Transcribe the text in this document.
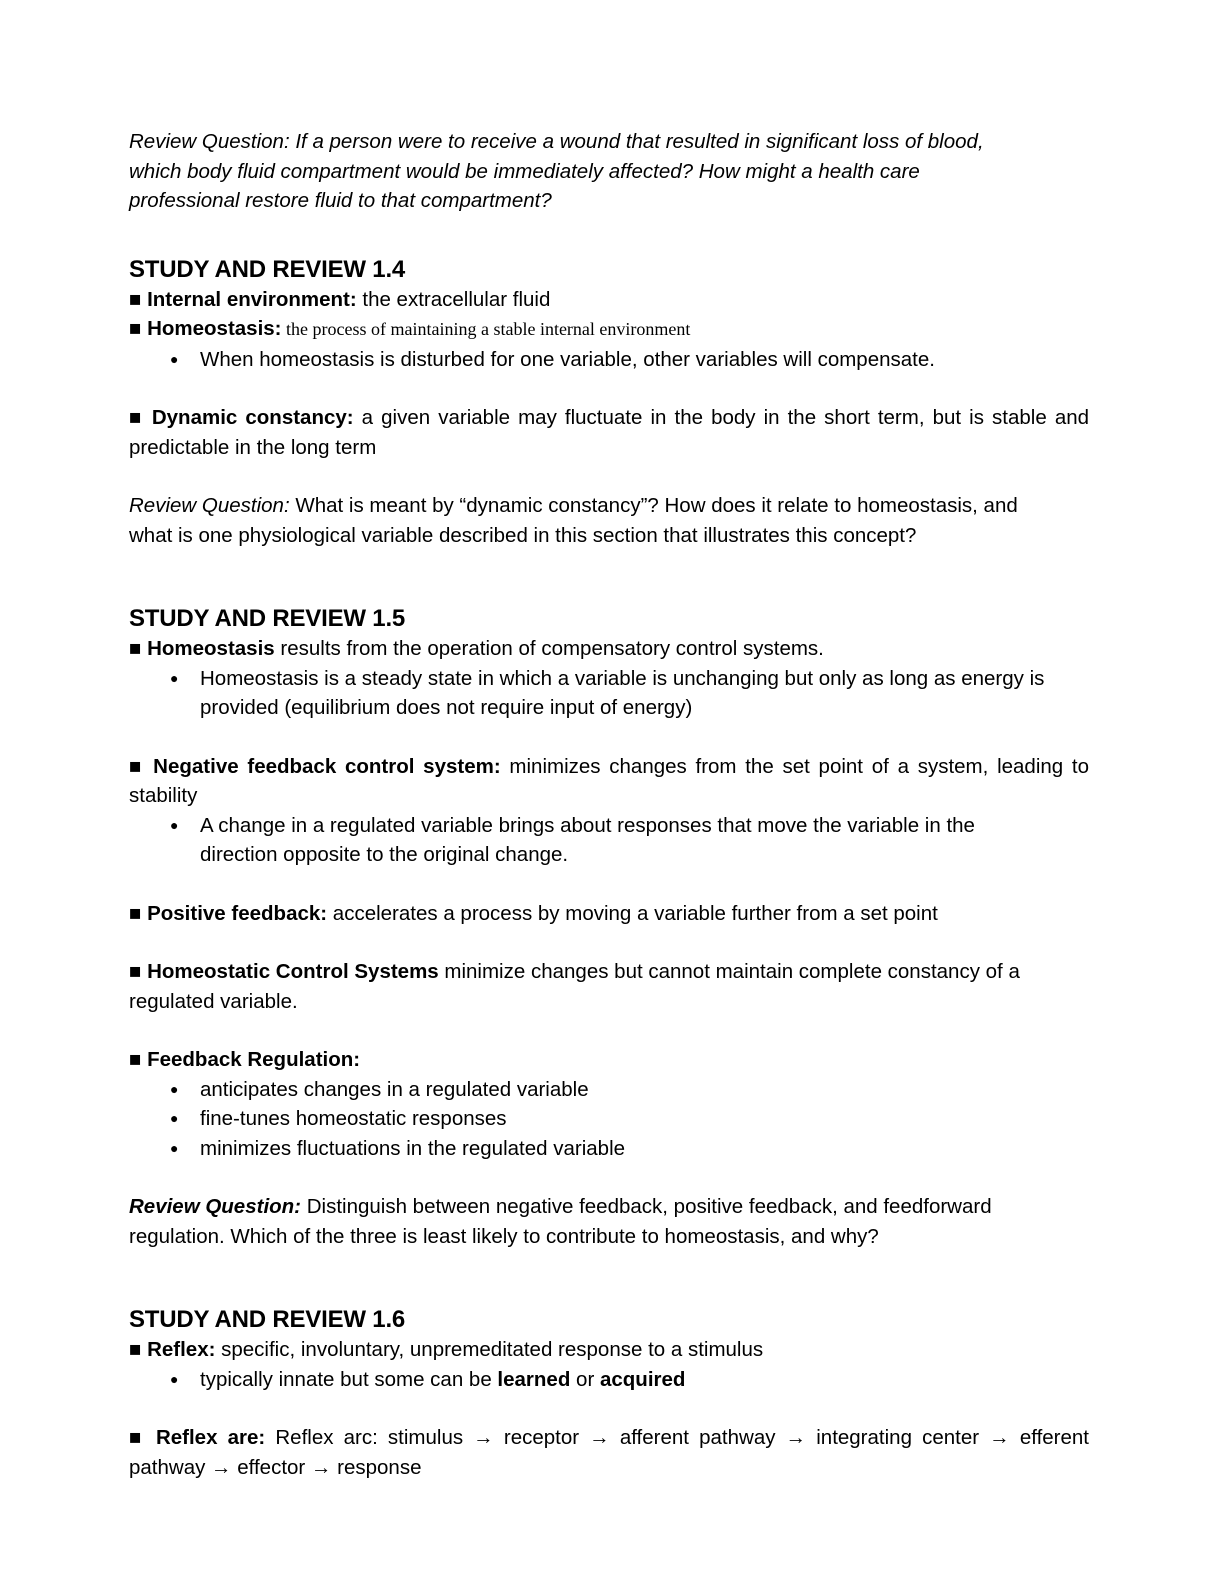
Review Question: If a person were to receive a wound that resulted in significant loss of blood, which body fluid compartment would be immediately affected? How might a health care professional restore fluid to that compartment?

STUDY AND REVIEW 1.4

■ Internal environment: the extracellular fluid

■ Homeostasis: the process of maintaining a stable internal environment

● When homeostasis is disturbed for one variable, other variables will compensate.

■ Dynamic constancy: a given variable may fluctuate in the body in the short term, but is stable and predictable in the long term

Review Question: What is meant by “dynamic constancy”? How does it relate to homeostasis, and what is one physiological variable described in this section that illustrates this concept?

STUDY AND REVIEW 1.5

■ Homeostasis results from the operation of compensatory control systems.

● Homeostasis is a steady state in which a variable is unchanging but only as long as energy is provided (equilibrium does not require input of energy)

■ Negative feedback control system: minimizes changes from the set point of a system, leading to stability

● A change in a regulated variable brings about responses that move the variable in the direction opposite to the original change.

■ Positive feedback: accelerates a process by moving a variable further from a set point

■ Homeostatic Control Systems minimize changes but cannot maintain complete constancy of a regulated variable.

■ Feedback Regulation:

● anticipates changes in a regulated variable
● fine-tunes homeostatic responses
● minimizes fluctuations in the regulated variable

Review Question: Distinguish between negative feedback, positive feedback, and feedforward regulation. Which of the three is least likely to contribute to homeostasis, and why?

STUDY AND REVIEW 1.6

■ Reflex: specific, involuntary, unpremeditated response to a stimulus

● typically innate but some can be learned or acquired

■ Reflex are: Reflex arc: stimulus → receptor → afferent pathway → integrating center → efferent pathway → effector → response
